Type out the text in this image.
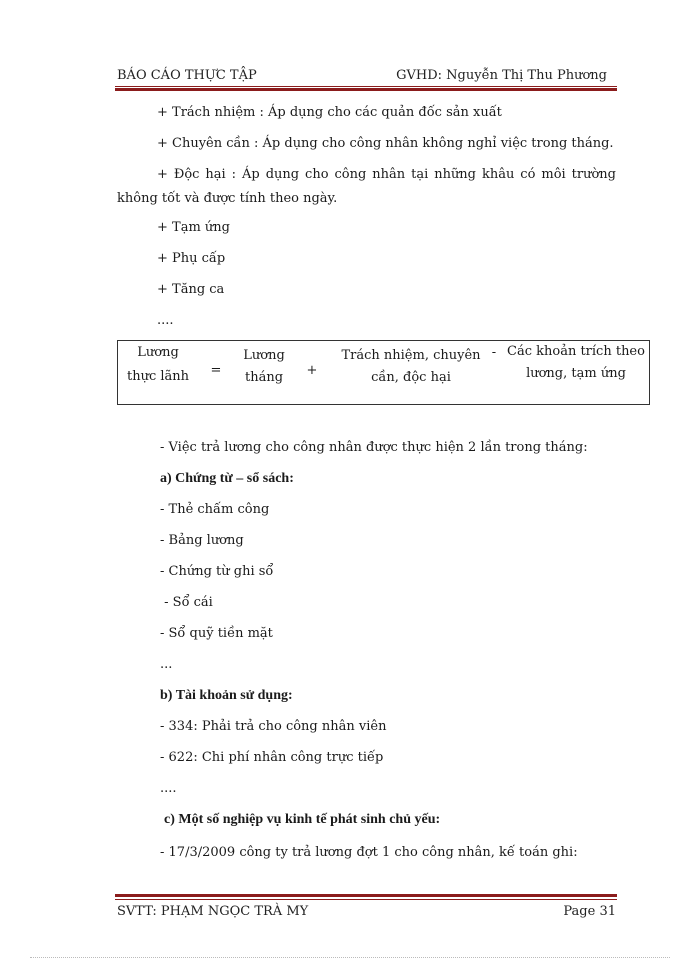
BÁO CÁO THỰC TẬP	GVHD: Nguyễn Thị Thu Phương
+ Trách nhiệm : Áp dụng cho các quản đốc sản xuất
+ Chuyên cần : Áp dụng cho công nhân không nghỉ việc trong tháng.
+ Độc hại : Áp dụng cho công nhân tại những khâu có môi trường không tốt và được tính theo ngày.
+ Tạm ứng
+ Phụ cấp
+ Tăng ca
....
Lương
thực lãnh	=
Lương
tháng	+
Trách nhiệm, chuyên
cần, độc hại
- Các khoản trích theo
lương, tạm ứng
- Việc trả lương cho công nhân được thực hiện 2 lần trong tháng:
a) Chứng từ – sổ sách:
- Thẻ chấm công
- Bảng lương
- Chứng từ ghi sổ
- Sổ cái
- Sổ quỹ tiền mặt
...
b) Tài khoản sử dụng:
- 334: Phải trả cho công nhân viên
- 622: Chi phí nhân công trực tiếp
....
c) Một số nghiệp vụ kinh tế phát sinh chủ yếu:
- 17/3/2009 công ty trả lương đợt 1 cho công nhân, kế toán ghi:
SVTT: PHẠM NGỌC TRÀ MY	Page 31
